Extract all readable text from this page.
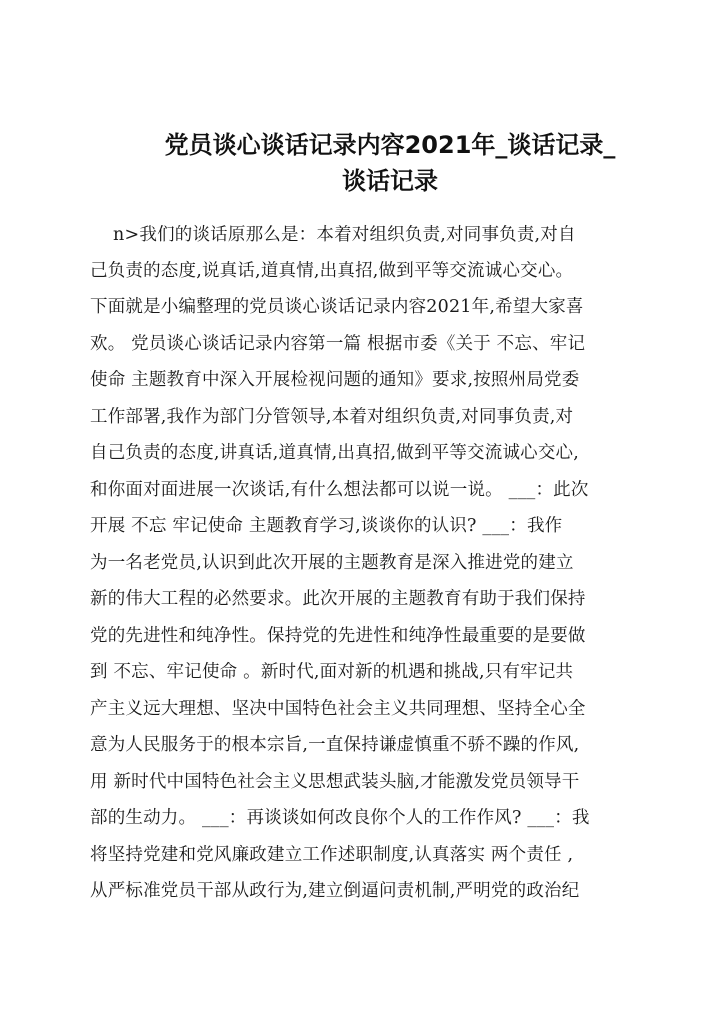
党员谈心谈话记录内容2021年_谈话记录_
谈话记录
n>我们的谈话原那么是：本着对组织负责,对同事负责,对自
己负责的态度,说真话,道真情,出真招,做到平等交流诚心交心。
下面就是小编整理的党员谈心谈话记录内容2021年,希望大家喜
欢。 党员谈心谈话记录内容第一篇 根据市委《关于 不忘、牢记
使命 主题教育中深入开展检视问题的通知》要求,按照州局党委
工作部署,我作为部门分管领导,本着对组织负责,对同事负责,对
自己负责的态度,讲真话,道真情,出真招,做到平等交流诚心交心,
和你面对面进展一次谈话,有什么想法都可以说一说。 ___：此次
开展 不忘 牢记使命 主题教育学习,谈谈你的认识? ___：我作
为一名老党员,认识到此次开展的主题教育是深入推进党的建立
新的伟大工程的必然要求。此次开展的主题教育有助于我们保持
党的先进性和纯净性。保持党的先进性和纯净性最重要的是要做
到 不忘、牢记使命 。新时代,面对新的机遇和挑战,只有牢记共
产主义远大理想、坚决中国特色社会主义共同理想、坚持全心全
意为人民服务于的根本宗旨,一直保持谦虚慎重不骄不躁的作风,
用 新时代中国特色社会主义思想武装头脑,才能激发党员领导干
部的生动力。 ___：再谈谈如何改良你个人的工作作风? ___：我
将坚持党建和党风廉政建立工作述职制度,认真落实 两个责任 ,
从严标准党员干部从政行为,建立倒逼问责机制,严明党的政治纪
